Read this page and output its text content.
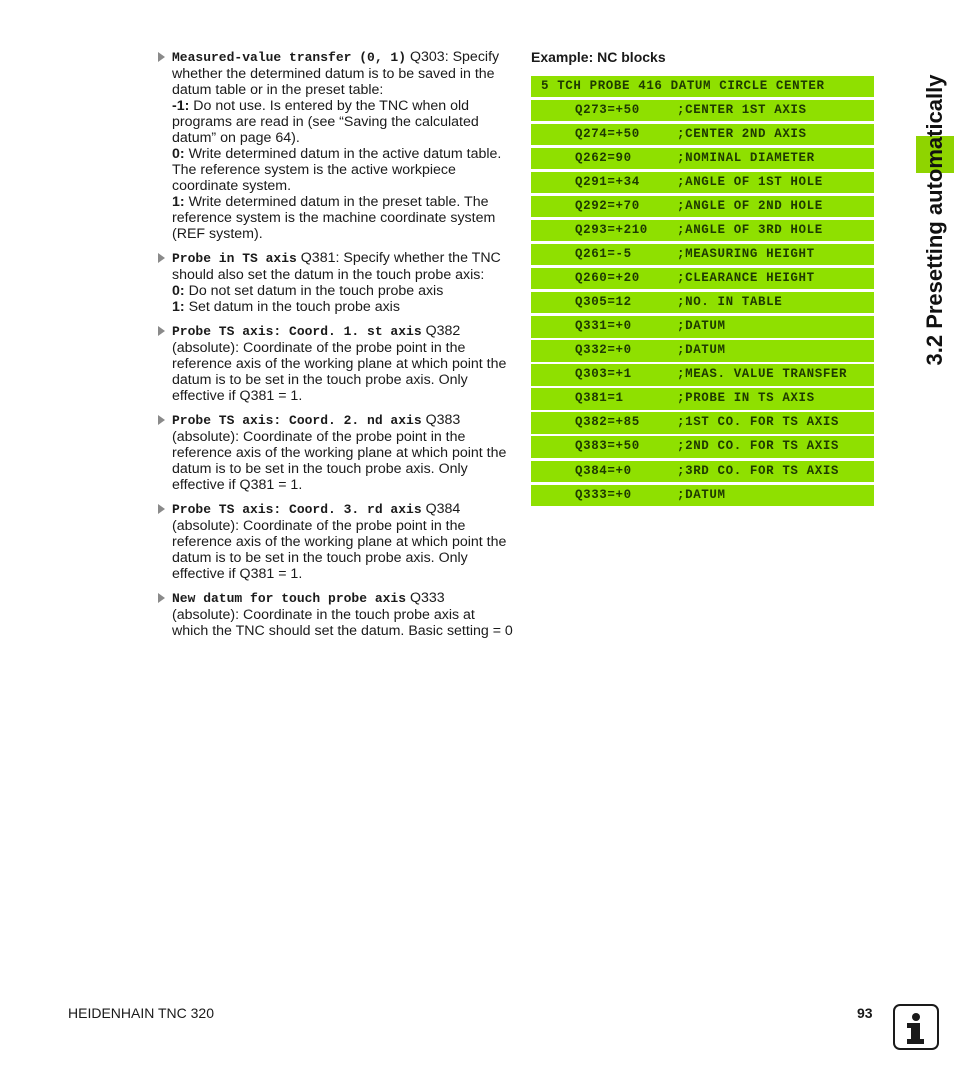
Measured-value transfer (0, 1) Q303: Specify whether the determined datum is to be saved in the datum table or in the preset table:
-1: Do not use. Is entered by the TNC when old programs are read in (see “Saving the calculated datum” on page 64).
0: Write determined datum in the active datum table. The reference system is the active workpiece coordinate system.
1: Write determined datum in the preset table. The reference system is the machine coordinate system (REF system).
Probe in TS axis Q381: Specify whether the TNC should also set the datum in the touch probe axis:
0: Do not set datum in the touch probe axis
1: Set datum in the touch probe axis
Probe TS axis: Coord. 1. st axis Q382 (absolute): Coordinate of the probe point in the reference axis of the working plane at which point the datum is to be set in the touch probe axis. Only effective if Q381 = 1.
Probe TS axis: Coord. 2. nd axis Q383 (absolute): Coordinate of the probe point in the reference axis of the working plane at which point the datum is to be set in the touch probe axis. Only effective if Q381 = 1.
Probe TS axis: Coord. 3. rd axis Q384 (absolute): Coordinate of the probe point in the reference axis of the working plane at which point the datum is to be set in the touch probe axis. Only effective if Q381 = 1.
New datum for touch probe axis Q333 (absolute): Coordinate in the touch probe axis at which the TNC should set the datum. Basic setting = 0
Example: NC blocks
5 TCH PROBE 416 DATUM CIRCLE CENTER
Q273=+50	;CENTER 1ST AXIS
Q274=+50	;CENTER 2ND AXIS
Q262=90	;NOMINAL DIAMETER
Q291=+34	;ANGLE OF 1ST HOLE
Q292=+70	;ANGLE OF 2ND HOLE
Q293=+210 ;ANGLE OF 3RD HOLE
Q261=-5	;MEASURING HEIGHT
Q260=+20	;CLEARANCE HEIGHT
Q305=12	;NO. IN TABLE
Q331=+0	;DATUM
Q332=+0	;DATUM
Q303=+1	;MEAS. VALUE TRANSFER
Q381=1	;PROBE IN TS AXIS
Q382=+85	;1ST CO. FOR TS AXIS
Q383=+50	;2ND CO. FOR TS AXIS
Q384=+0	;3RD CO. FOR TS AXIS
Q333=+0	;DATUM
3.2 Presetting automatically
HEIDENHAIN TNC 320	93
